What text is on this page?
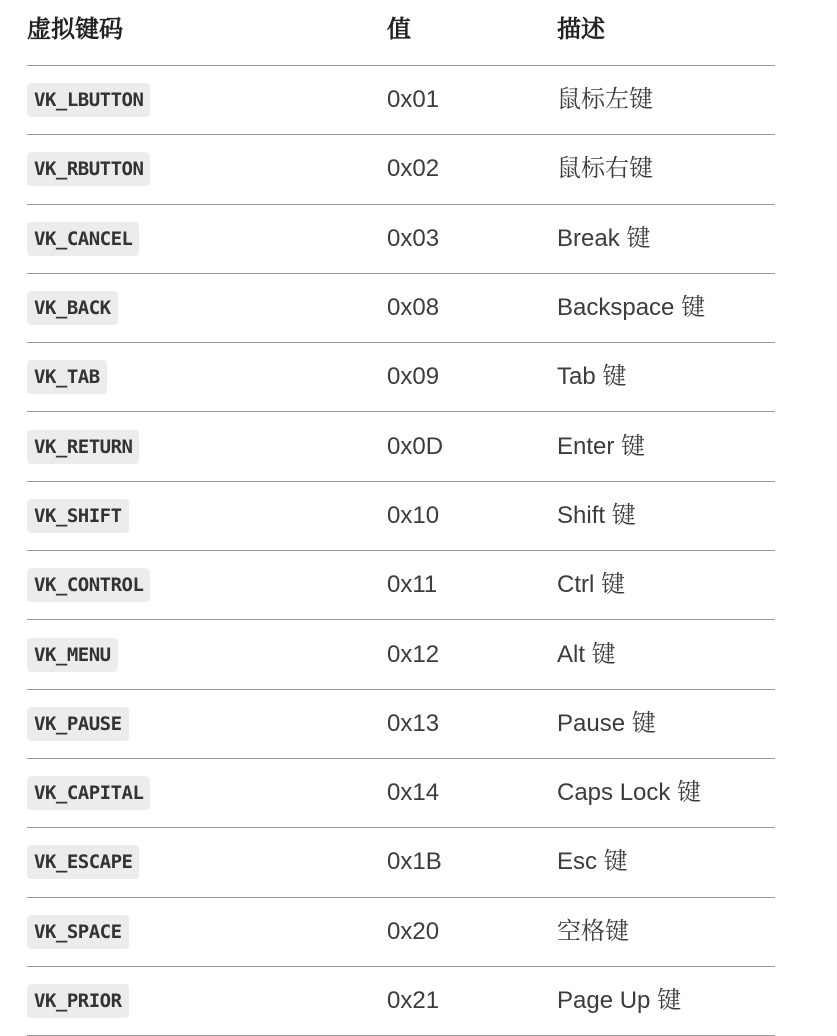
虚拟键码	值	描述
VK_LBUTTON	0x01	鼠标左键
VK_RBUTTON	0x02	鼠标右键
VK_CANCEL	0x03	Break 键
VK_BACK	0x08	Backspace 键
VK_TAB	0x09	Tab 键
VK_RETURN	0x0D	Enter 键
VK_SHIFT	0x10	Shift 键
VK_CONTROL	0x11	Ctrl 键
VK_MENU	0x12	Alt 键
VK_PAUSE	0x13	Pause 键
VK_CAPITAL	0x14	Caps Lock 键
VK_ESCAPE	0x1B	Esc 键
VK_SPACE	0x20	空格键
VK_PRIOR	0x21	Page Up 键
